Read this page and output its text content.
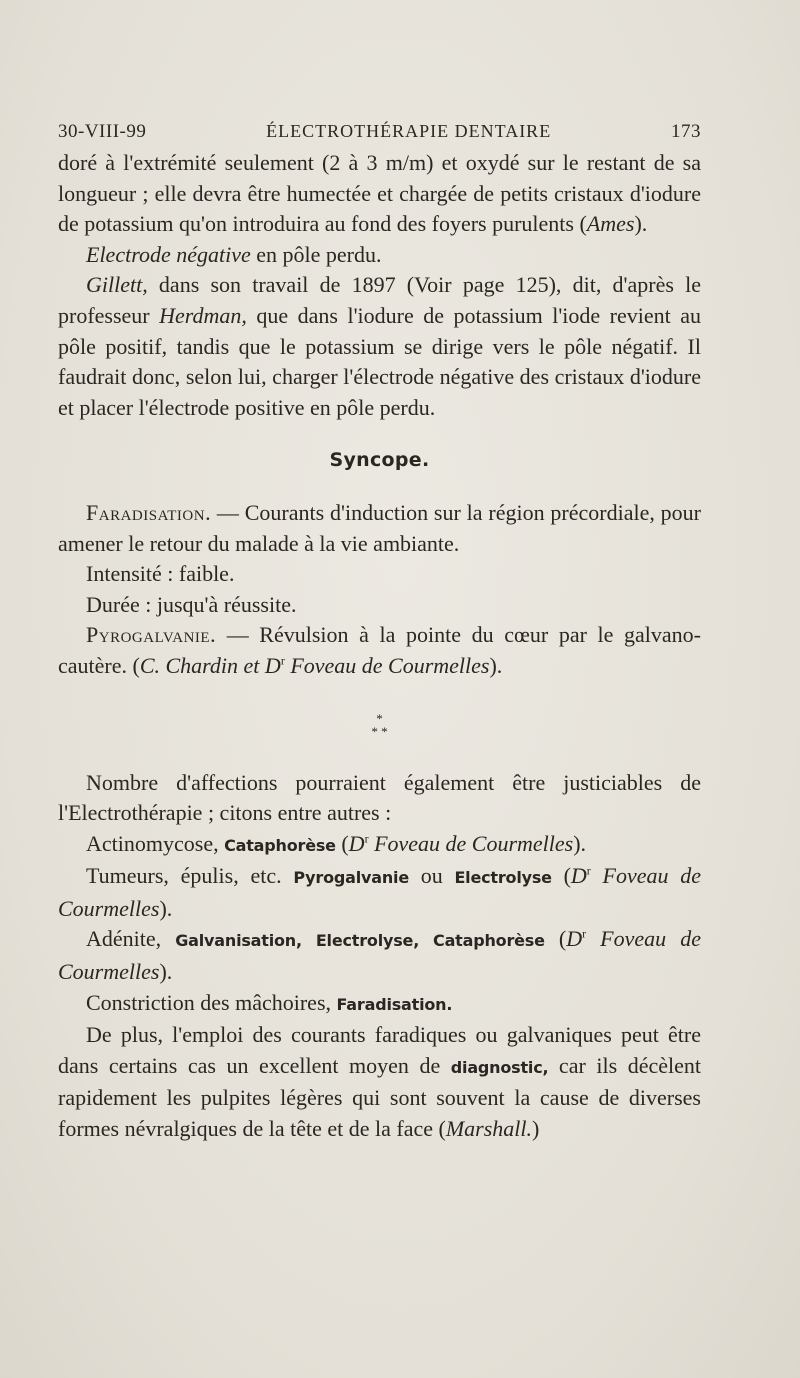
30-VIII-99	ÉLECTROTHÉRAPIE DENTAIRE	173

doré à l'extrémité seulement (2 à 3 m/m) et oxydé sur le restant de sa longueur ; elle devra être humectée et chargée de petits cristaux d'iodure de potassium qu'on introduira au fond des foyers purulents (Ames).

Electrode négative en pôle perdu.

Gillett, dans son travail de 1897 (Voir page 125), dit, d'après le professeur Herdman, que dans l'iodure de potassium l'iode revient au pôle positif, tandis que le potassium se dirige vers le pôle négatif. Il faudrait donc, selon lui, charger l'électrode négative des cristaux d'iodure et placer l'électrode positive en pôle perdu.

Syncope.

Faradisation. — Courants d'induction sur la région précordiale, pour amener le retour du malade à la vie ambiante.

Intensité : faible.

Durée : jusqu'à réussite.

Pyrogalvanie. — Révulsion à la pointe du cœur par le galvano-cautère. (C. Chardin et $D^r$ Foveau de Courmelles).

*
* *

Nombre d'affections pourraient également être justiciables de l'Electrothérapie ; citons entre autres :

Actinomycose, Cataphorèse ($D^r$ Foveau de Courmelles).

Tumeurs, épulis, etc. Pyrogalvanie ou Electrolyse ($D^r$ Foveau de Courmelles).

Adénite, Galvanisation, Electrolyse, Cataphorèse ($D^r$ Foveau de Courmelles).

Constriction des mâchoires, Faradisation.

De plus, l'emploi des courants faradiques ou galvaniques peut être dans certains cas un excellent moyen de diagnostic, car ils décèlent rapidement les pulpites légères qui sont souvent la cause de diverses formes névralgiques de la tête et de la face (Marshall.)
